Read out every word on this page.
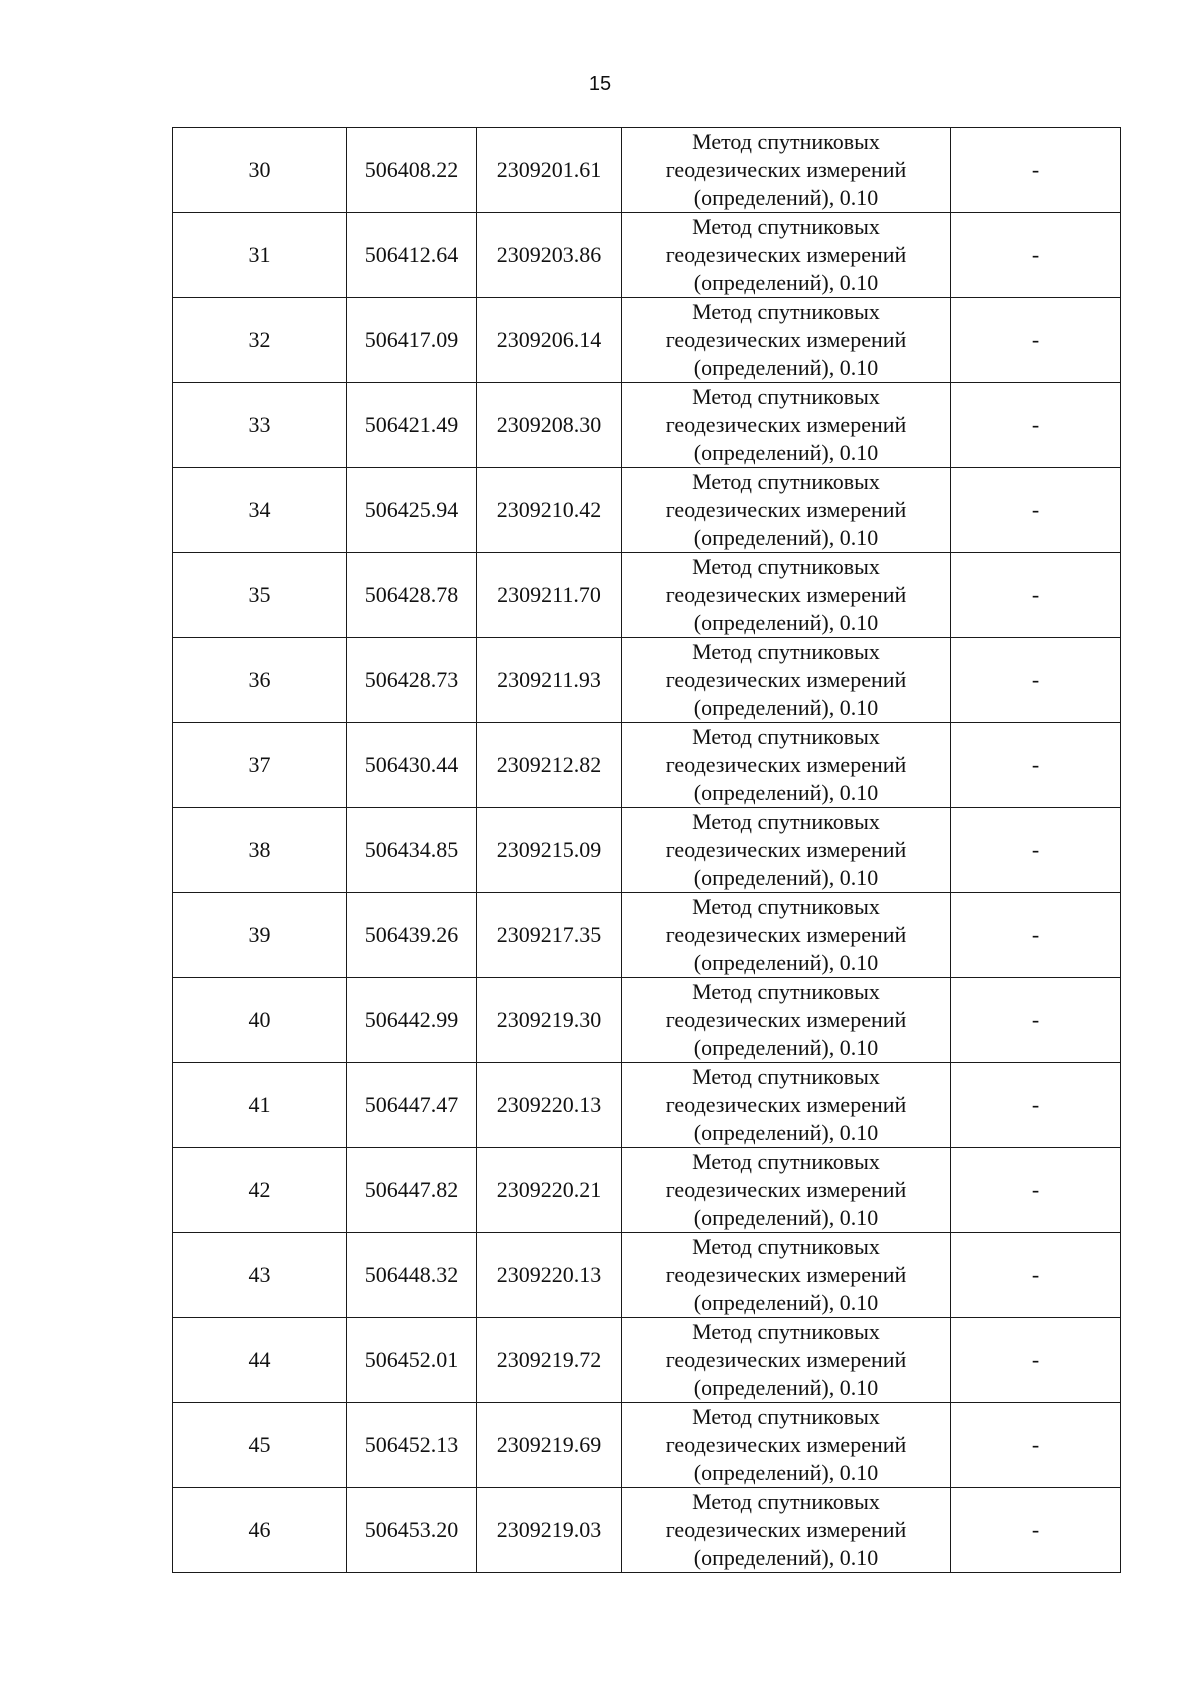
15
30	506408.22	2309201.61	Метод спутниковых
геодезических измерений
(определений), 0.10	-
31	506412.64	2309203.86	Метод спутниковых
геодезических измерений
(определений), 0.10	-
32	506417.09	2309206.14	Метод спутниковых
геодезических измерений
(определений), 0.10	-
33	506421.49	2309208.30	Метод спутниковых
геодезических измерений
(определений), 0.10	-
34	506425.94	2309210.42	Метод спутниковых
геодезических измерений
(определений), 0.10	-
35	506428.78	2309211.70	Метод спутниковых
геодезических измерений
(определений), 0.10	-
36	506428.73	2309211.93	Метод спутниковых
геодезических измерений
(определений), 0.10	-
37	506430.44	2309212.82	Метод спутниковых
геодезических измерений
(определений), 0.10	-
38	506434.85	2309215.09	Метод спутниковых
геодезических измерений
(определений), 0.10	-
39	506439.26	2309217.35	Метод спутниковых
геодезических измерений
(определений), 0.10	-
40	506442.99	2309219.30	Метод спутниковых
геодезических измерений
(определений), 0.10	-
41	506447.47	2309220.13	Метод спутниковых
геодезических измерений
(определений), 0.10	-
42	506447.82	2309220.21	Метод спутниковых
геодезических измерений
(определений), 0.10	-
43	506448.32	2309220.13	Метод спутниковых
геодезических измерений
(определений), 0.10	-
44	506452.01	2309219.72	Метод спутниковых
геодезических измерений
(определений), 0.10	-
45	506452.13	2309219.69	Метод спутниковых
геодезических измерений
(определений), 0.10	-
46	506453.20	2309219.03	Метод спутниковых
геодезических измерений
(определений), 0.10	-
